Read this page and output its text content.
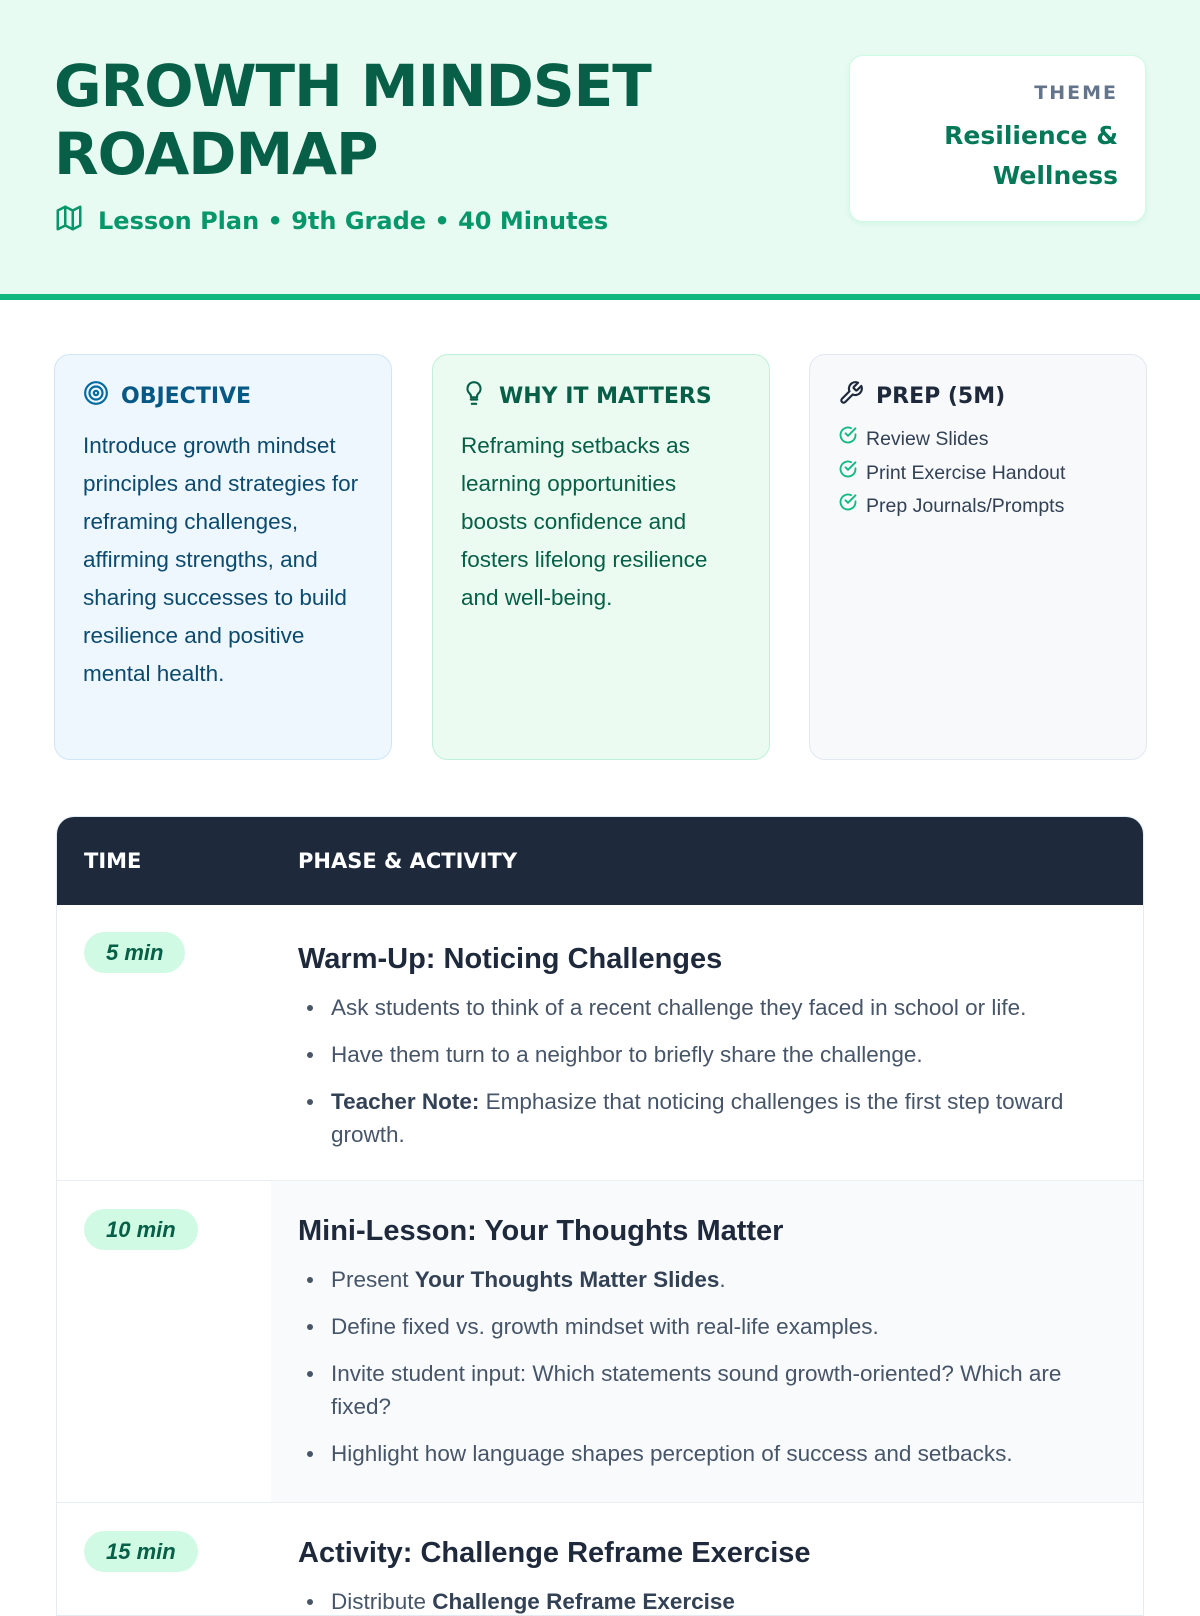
GROWTH MINDSET ROADMAP
Lesson Plan • 9th Grade • 40 Minutes
THEME
Resilience & Wellness
OBJECTIVE

Introduce growth mindset principles and strategies for reframing challenges, affirming strengths, and sharing successes to build resilience and positive mental health.

WHY IT MATTERS

Reframing setbacks as learning opportunities boosts confidence and fosters lifelong resilience and well-being.

PREP (5M)
Review Slides
Print Exercise Handout
Prep Journals/Prompts
TIME	PHASE & ACTIVITY
5 min	Warm-Up: Noticing Challenges
Ask students to think of a recent challenge they faced in school or life.
Have them turn to a neighbor to briefly share the challenge.
Teacher Note: Emphasize that noticing challenges is the first step toward growth.
10 min	Mini-Lesson: Your Thoughts Matter
Present Your Thoughts Matter Slides.
Define fixed vs. growth mindset with real-life examples.
Invite student input: Which statements sound growth-oriented? Which are fixed?
Highlight how language shapes perception of success and setbacks.
15 min	Activity: Challenge Reframe Exercise
Distribute Challenge Reframe Exercise
